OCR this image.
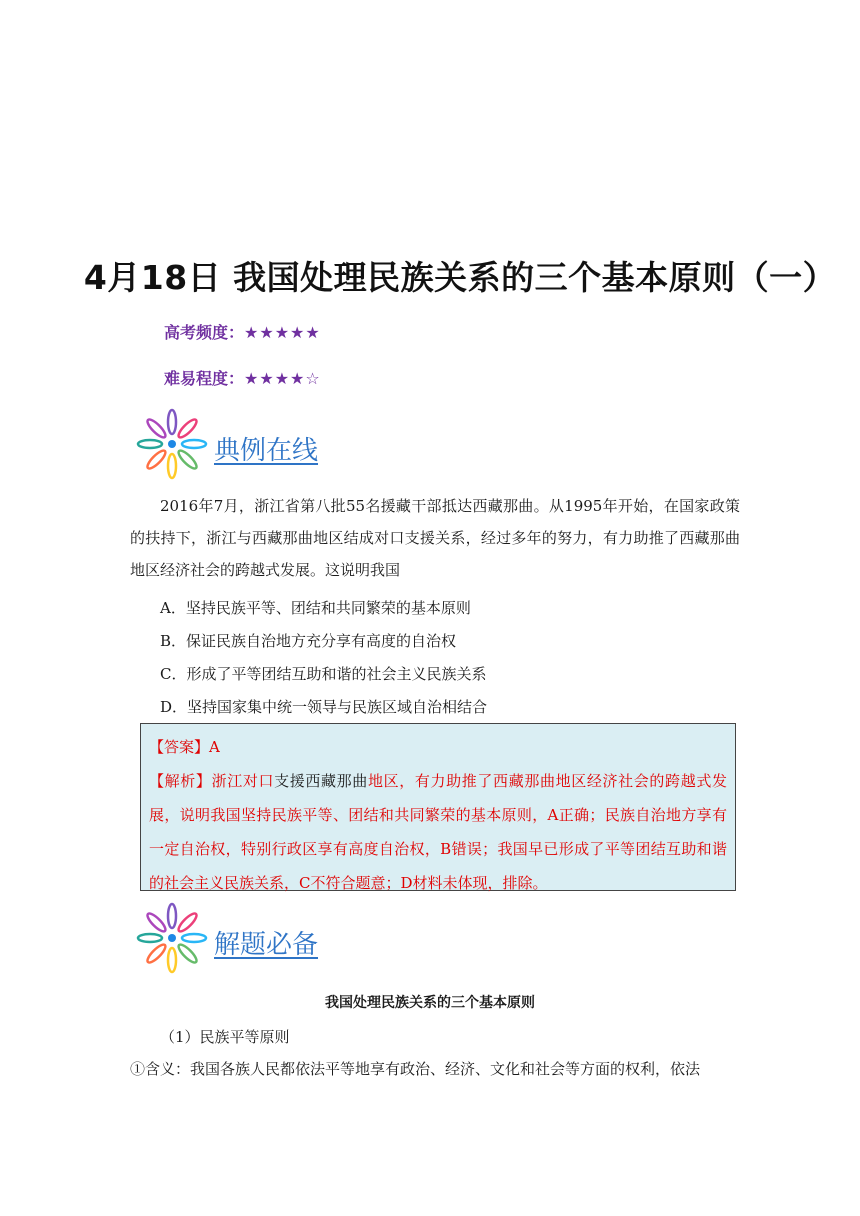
4月18日 我国处理民族关系的三个基本原则（一）
高考频度：★★★★★
难易程度：★★★★☆
典例在线
2016年7月，浙江省第八批55名援藏干部抵达西藏那曲。从1995年开始，在国家政策的扶持下，浙江与西藏那曲地区结成对口支援关系，经过多年的努力，有力助推了西藏那曲地区经济社会的跨越式发展。这说明我国
A．坚持民族平等、团结和共同繁荣的基本原则
B．保证民族自治地方充分享有高度的自治权
C．形成了平等团结互助和谐的社会主义民族关系
D．坚持国家集中统一领导与民族区域自治相结合
【答案】A
【解析】浙江对口支援西藏那曲地区，有力助推了西藏那曲地区经济社会的跨越式发展，说明我国坚持民族平等、团结和共同繁荣的基本原则，A正确；民族自治地方享有一定自治权，特别行政区享有高度自治权，B错误；我国早已形成了平等团结互助和谐的社会主义民族关系，C不符合题意；D材料未体现，排除。
解题必备
我国处理民族关系的三个基本原则
（1）民族平等原则
①含义：我国各族人民都依法平等地享有政治、经济、文化和社会等方面的权利，依法
